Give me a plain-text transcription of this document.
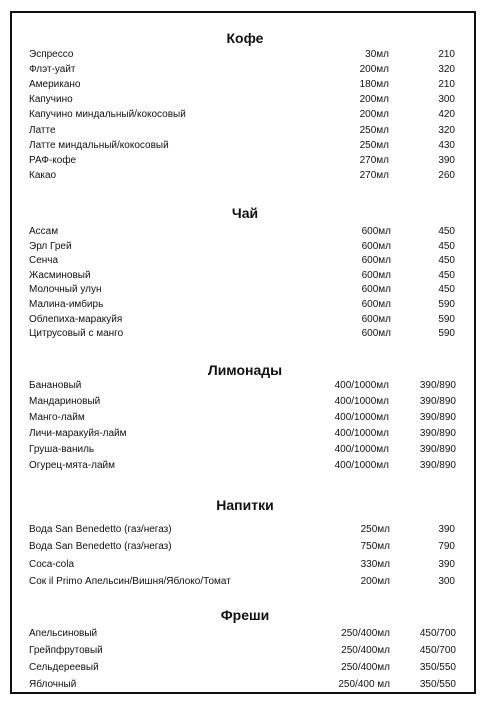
Кофе
Эспрессо	30мл	210
Флэт-уайт	200мл	320
Американо	180мл	210
Капучино	200мл	300
Капучино миндальный/кокосовый	200мл	420
Латте	250мл	320
Латте миндальный/кокосовый	250мл	430
РАФ-кофе	270мл	390
Какао	270мл	260
Чай
Ассам	600мл	450
Эрл Грей	600мл	450
Сенча	600мл	450
Жасминовый	600мл	450
Молочный улун	600мл	450
Малина-имбирь	600мл	590
Облепиха-маракуйя	600мл	590
Цитрусовый с манго	600мл	590
Лимонады
Банановый	400/1000мл	390/890
Мандариновый	400/1000мл	390/890
Манго-лайм	400/1000мл	390/890
Личи-маракуйя-лайм	400/1000мл	390/890
Груша-ваниль	400/1000мл	390/890
Огурец-мята-лайм	400/1000мл	390/890
Напитки
Вода San Benedetto (газ/негаз)	250мл	390
Вода San Benedetto (газ/негаз)	750мл	790
Coca-cola	330мл	390
Сок il Primo Апельсин/Вишня/Яблоко/Томат	200мл	300
Фреши
Апельсиновый	250/400мл	450/700
Грейпфрутовый	250/400мл	450/700
Сельдереевый	250/400мл	350/550
Яблочный	250/400 мл	350/550
